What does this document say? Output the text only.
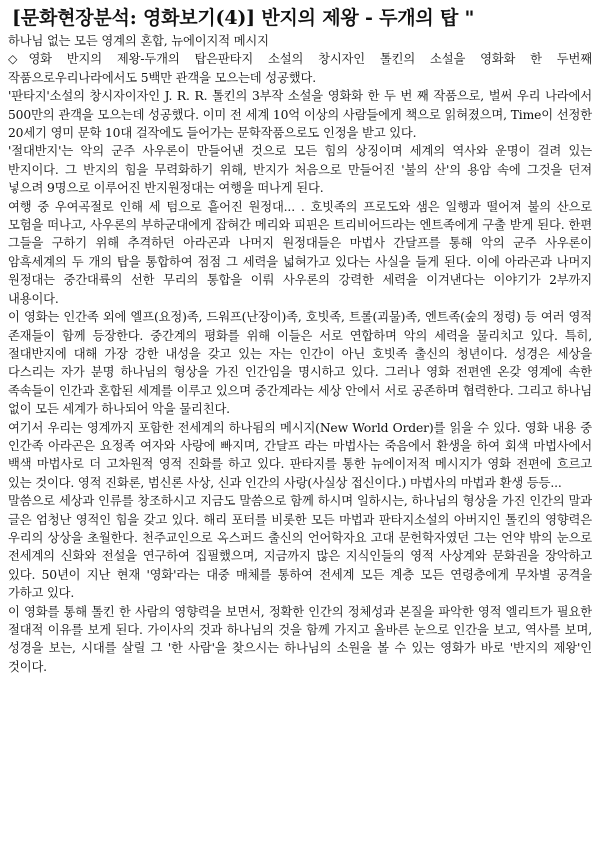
[문화현장분석: 영화보기(4)] 반지의 제왕 - 두개의 탑 "

하나님 없는 모든 영계의 혼합, 뉴에이지적 메시지

◇영화 반지의 제왕-두개의 탑은판타지 소설의 창시자인 톨킨의 소설을 영화화 한 두번째 작품으로우리나라에서도 5백만 관객을 모으는데 성공했다.

'판타지'소설의 창시자이자인 J. R. R. 톨킨의 3부작 소설을 영화화 한 두 번 째 작품으로, 벌써 우리 나라에서 500만의 관객을 모으는데 성공했다. 이미 전 세계 10억 이상의 사람들에게 책으로 읽혀졌으며, Time이 선정한 20세기 영미 문학 10대 걸작에도 들어가는 문학작품으로도 인정을 받고 있다.

'절대반지'는 악의 군주 사우론이 만들어낸 것으로 모든 힘의 상징이며 세계의 역사와 운명이 걸려 있는 반지이다. 그 반지의 힘을 무력화하기 위해, 반지가 처음으로 만들어진 '불의 산'의 용암 속에 그것을 던져 넣으려 9명으로 이루어진 반지원정대는 여행을 떠나게 된다.

여행 중 우여곡절로 인해 세 텀으로 흩어진 원정대... . 호빗족의 프로도와 샘은 일행과 떨어져 불의 산으로 모험을 떠나고, 사우론의 부하군대에게 잡혀간 메리와 피핀은 트리비어드라는 엔트족에게 구출 받게 된다. 한편 그들을 구하기 위해 추격하던 아라곤과 나머지 원정대들은 마법사 간달프를 통해 악의 군주 사우론이 암흑세계의 두 개의 탑을 통합하여 점점 그 세력을 넓혀가고 있다는 사실을 들게 된다. 이에 아라곤과 나머지 원정대는 중간대륙의 선한 무리의 통합을 이뤄 사우론의 강력한 세력을 이겨낸다는 이야기가 2부까지 내용이다.

이 영화는 인간족 외에 엘프(요정)족, 드워프(난장이)족, 호빗족, 트롤(괴물)족, 엔트족(숲의 정령) 등 여러 영적 존재들이 함께 등장한다. 중간계의 평화를 위해 이들은 서로 연합하며 악의 세력을 물리치고 있다. 특히, 절대반지에 대해 가장 강한 내성을 갖고 있는 자는 인간이 아닌 호빗족 출신의 청년이다. 성경은 세상을 다스리는 자가 분명 하나님의 형상을 가진 인간임을 명시하고 있다. 그러나 영화 전편엔 온갖 영계에 속한 족속들이 인간과 혼합된 세계를 이루고 있으며 중간계라는 세상 안에서 서로 공존하며 협력한다. 그리고 하나님 없이 모든 세계가 하나되어 악을 물리친다.

여기서 우리는 영계까지 포함한 전세계의 하나됨의 메시지(New World Order)를 읽을 수 있다. 영화 내용 중 인간족 아라곤은 요정족 여자와 사랑에 빠지며, 간달프 라는 마법사는 죽음에서 환생을 하여 회색 마법사에서 백색 마법사로 더 고차원적 영적 진화를 하고 있다. 판타지를 통한 뉴에이저적 메시지가 영화 전편에 흐르고 있는 것이다. 영적 진화론, 범신론 사상, 신과 인간의 사랑(사실상 접신이다.) 마법사의 마법과 환생 등등...

말씀으로 세상과 인류를 창조하시고 지금도 말씀으로 함께 하시며 일하시는, 하나님의 형상을 가진 인간의 말과 글은 엄청난 영적인 힘을 갖고 있다. 해리 포터를 비롯한 모든 마법과 판타지소설의 아버지인 톨킨의 영향력은 우리의 상상을 초월한다. 천주교인으로 옥스퍼드 출신의 언어학자요 고대 문헌학자였던 그는 언약 밖의 눈으로 전세계의 신화와 전설을 연구하여 집필했으며, 지금까지 많은 지식인들의 영적 사상계와 문화권을 장악하고 있다. 50년이 지난 현재 '영화'라는 대중 매체를 통하여 전세계 모든 계층 모든 연령층에게 무차별 공격을 가하고 있다.

이 영화를 통해 톨킨 한 사람의 영향력을 보면서, 정확한 인간의 정체성과 본질을 파악한 영적 엘리트가 필요한 절대적 이유를 보게 된다. 가이사의 것과 하나님의 것을 함께 가지고 올바른 눈으로 인간을 보고, 역사를 보며, 성경을 보는, 시대를 살릴 그 '한 사람'을 찾으시는 하나님의 소원을 볼 수 있는 영화가 바로 '반지의 제왕'인 것이다.
